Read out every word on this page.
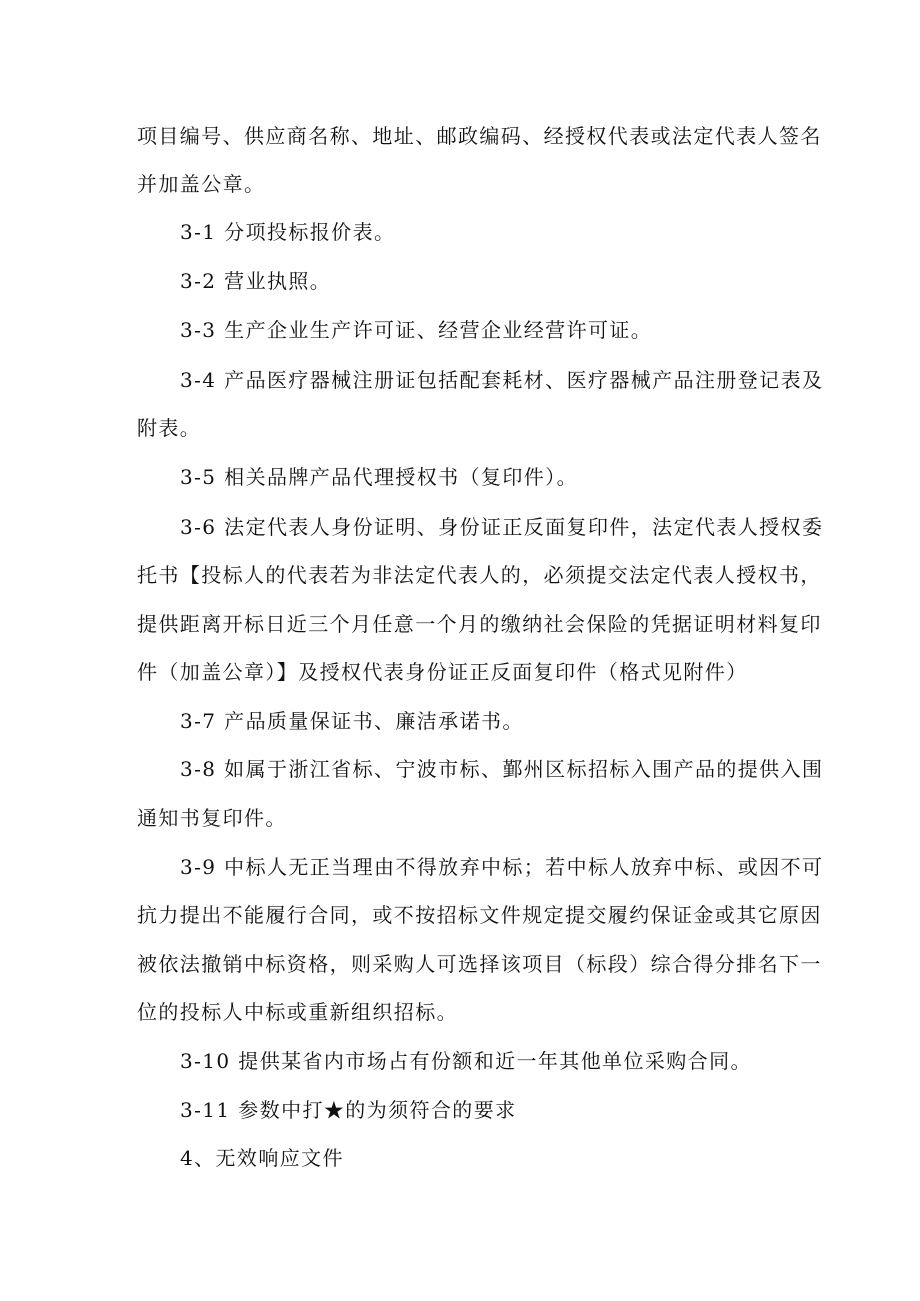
项目编号、供应商名称、地址、邮政编码、经授权代表或法定代表人签名
并加盖公章。
3-1 分项投标报价表。
3-2 营业执照。
3-3 生产企业生产许可证、经营企业经营许可证。
3-4 产品医疗器械注册证包括配套耗材、医疗器械产品注册登记表及
附表。
3-5 相关品牌产品代理授权书（复印件）。
3-6 法定代表人身份证明、身份证正反面复印件，法定代表人授权委
托书【投标人的代表若为非法定代表人的，必须提交法定代表人授权书，
提供距离开标日近三个月任意一个月的缴纳社会保险的凭据证明材料复印
件（加盖公章）】及授权代表身份证正反面复印件（格式见附件）
3-7 产品质量保证书、廉洁承诺书。
3-8 如属于浙江省标、宁波市标、鄞州区标招标入围产品的提供入围
通知书复印件。
3-9 中标人无正当理由不得放弃中标；若中标人放弃中标、或因不可
抗力提出不能履行合同，或不按招标文件规定提交履约保证金或其它原因
被依法撤销中标资格，则采购人可选择该项目（标段）综合得分排名下一
位的投标人中标或重新组织招标。
3-10 提供某省内市场占有份额和近一年其他单位采购合同。
3-11 参数中打★的为须符合的要求
4、无效响应文件
